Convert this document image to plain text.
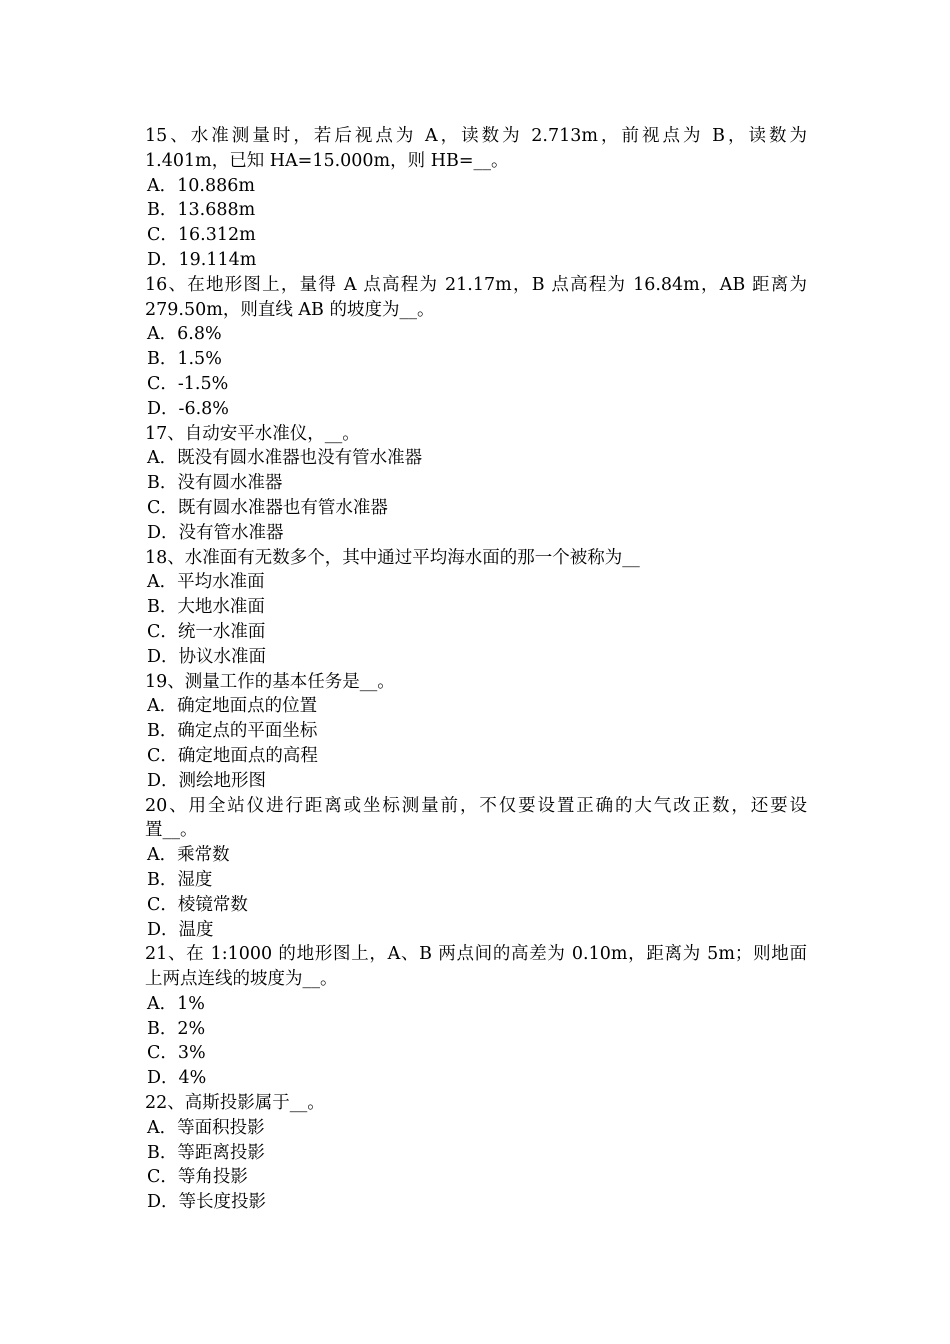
15、水准测量时，若后视点为 A，读数为 2.713m，前视点为 B，读数为
1.401m，已知 HA=15.000m，则 HB=__。
A．10.886m
B．13.688m
C．16.312m
D．19.114m
16、在地形图上，量得 A 点高程为 21.17m，B 点高程为 16.84m，AB 距离为
279.50m，则直线 AB 的坡度为__。
A．6.8%
B．1.5%
C．-1.5%
D．-6.8%
17、自动安平水准仪，__。
A．既没有圆水准器也没有管水准器
B．没有圆水准器
C．既有圆水准器也有管水准器
D．没有管水准器
18、水准面有无数多个，其中通过平均海水面的那一个被称为__
A．平均水准面
B．大地水准面
C．统一水准面
D．协议水准面
19、测量工作的基本任务是__。
A．确定地面点的位置
B．确定点的平面坐标
C．确定地面点的高程
D．测绘地形图
20、用全站仪进行距离或坐标测量前，不仅要设置正确的大气改正数，还要设
置__。
A．乘常数
B．湿度
C．棱镜常数
D．温度
21、在 1:1000 的地形图上，A、B 两点间的高差为 0.10m，距离为 5m；则地面
上两点连线的坡度为__。
A．1%
B．2%
C．3%
D．4%
22、高斯投影属于__。
A．等面积投影
B．等距离投影
C．等角投影
D．等长度投影
